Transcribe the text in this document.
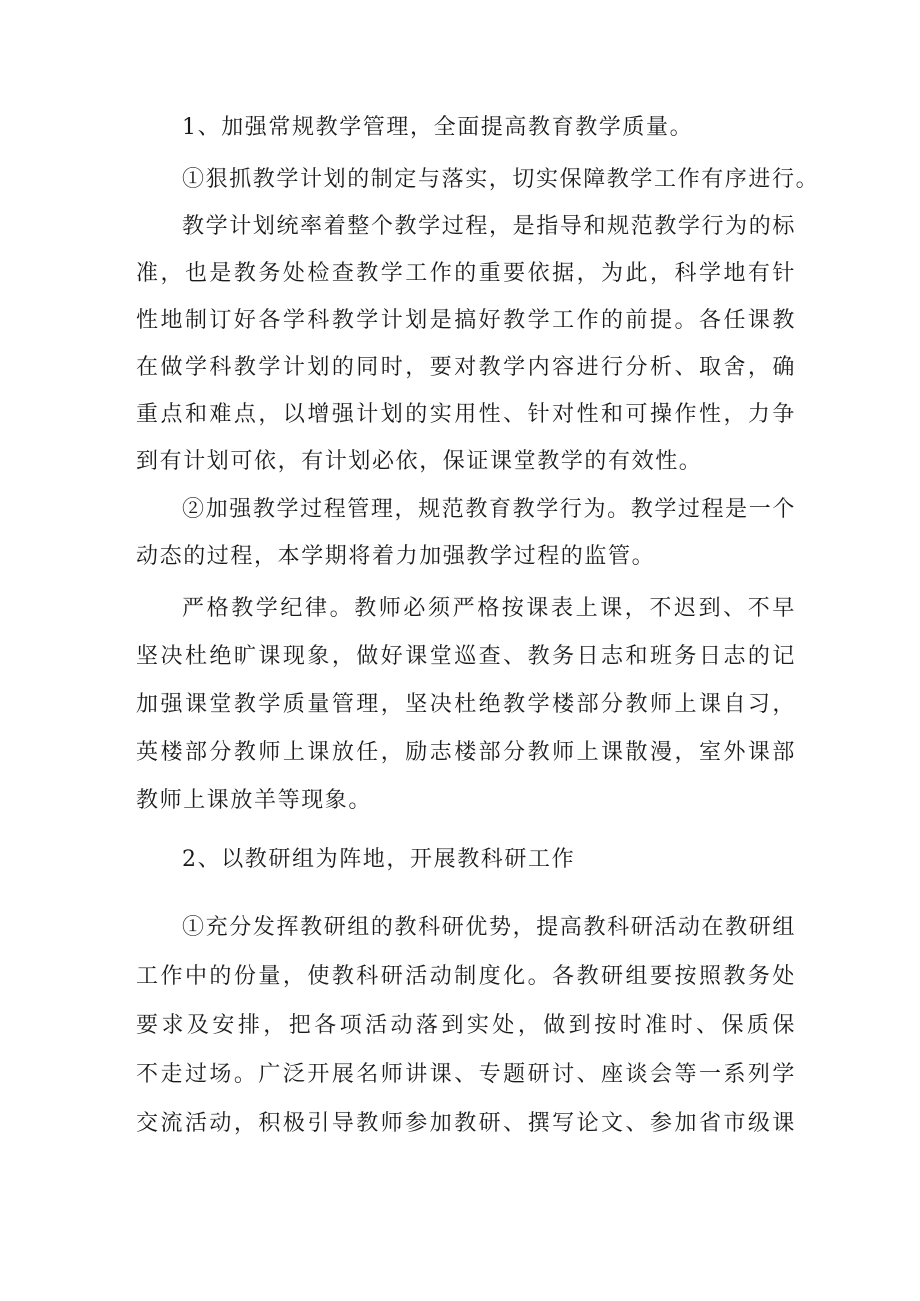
1、加强常规教学管理，全面提高教育教学质量。
①狠抓教学计划的制定与落实，切实保障教学工作有序进行。
教学计划统率着整个教学过程，是指导和规范教学行为的标
准，也是教务处检查教学工作的重要依据，为此，科学地有针
性地制订好各学科教学计划是搞好教学工作的前提。各任课教
在做学科教学计划的同时，要对教学内容进行分析、取舍，确
重点和难点，以增强计划的实用性、针对性和可操作性，力争
到有计划可依，有计划必依，保证课堂教学的有效性。
②加强教学过程管理，规范教育教学行为。教学过程是一个
动态的过程，本学期将着力加强教学过程的监管。
严格教学纪律。教师必须严格按课表上课，不迟到、不早
坚决杜绝旷课现象，做好课堂巡查、教务日志和班务日志的记
加强课堂教学质量管理，坚决杜绝教学楼部分教师上课自习，
英楼部分教师上课放任，励志楼部分教师上课散漫，室外课部
教师上课放羊等现象。
2、以教研组为阵地，开展教科研工作
①充分发挥教研组的教科研优势，提高教科研活动在教研组
工作中的份量，使教科研活动制度化。各教研组要按照教务处
要求及安排，把各项活动落到实处，做到按时准时、保质保
不走过场。广泛开展名师讲课、专题研讨、座谈会等一系列学
交流活动，积极引导教师参加教研、撰写论文、参加省市级课
